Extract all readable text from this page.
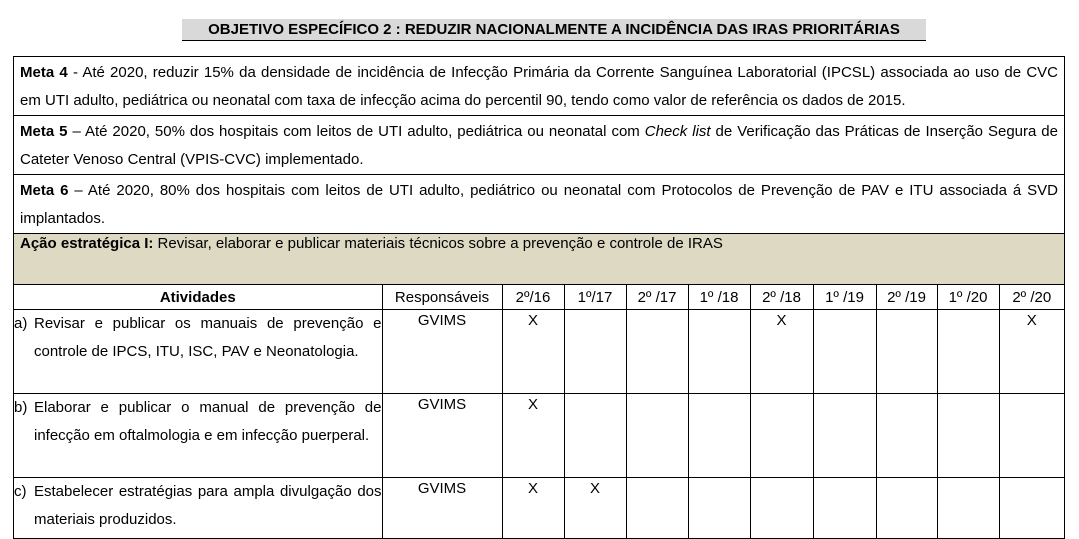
OBJETIVO ESPECÍFICO 2 : REDUZIR NACIONALMENTE A INCIDÊNCIA DAS IRAS PRIORITÁRIAS
Meta 4 - Até 2020, reduzir 15% da densidade de incidência de Infecção Primária da Corrente Sanguínea Laboratorial (IPCSL) associada ao uso de CVC em UTI adulto, pediátrica ou neonatal com taxa de infecção acima do percentil 90, tendo como valor de referência os dados de 2015.
Meta 5 – Até 2020, 50% dos hospitais com leitos de UTI adulto, pediátrica ou neonatal com Check list de Verificação das Práticas de Inserção Segura de Cateter Venoso Central (VPIS-CVC) implementado.
Meta 6 – Até 2020, 80% dos hospitais com leitos de UTI adulto, pediátrico ou neonatal com Protocolos de Prevenção de PAV e ITU associada á SVD implantados.
Ação estratégica I: Revisar, elaborar e publicar materiais técnicos sobre a prevenção e controle de IRAS
Atividades	Responsáveis	2º/16	1º/17	2º /17	1º /18	2º /18	1º /19	2º /19	1º /20	2º /20

a) Revisar e publicar os manuais de prevenção e controle de IPCS, ITU, ISC, PAV e Neonatologia.	GVIMS	X				X				X

b) Elaborar e publicar o manual de prevenção de infecção em oftalmologia e em infecção puerperal.	GVIMS	X								

c) Estabelecer estratégias para ampla divulgação dos materiais produzidos.	GVIMS	X	X							
